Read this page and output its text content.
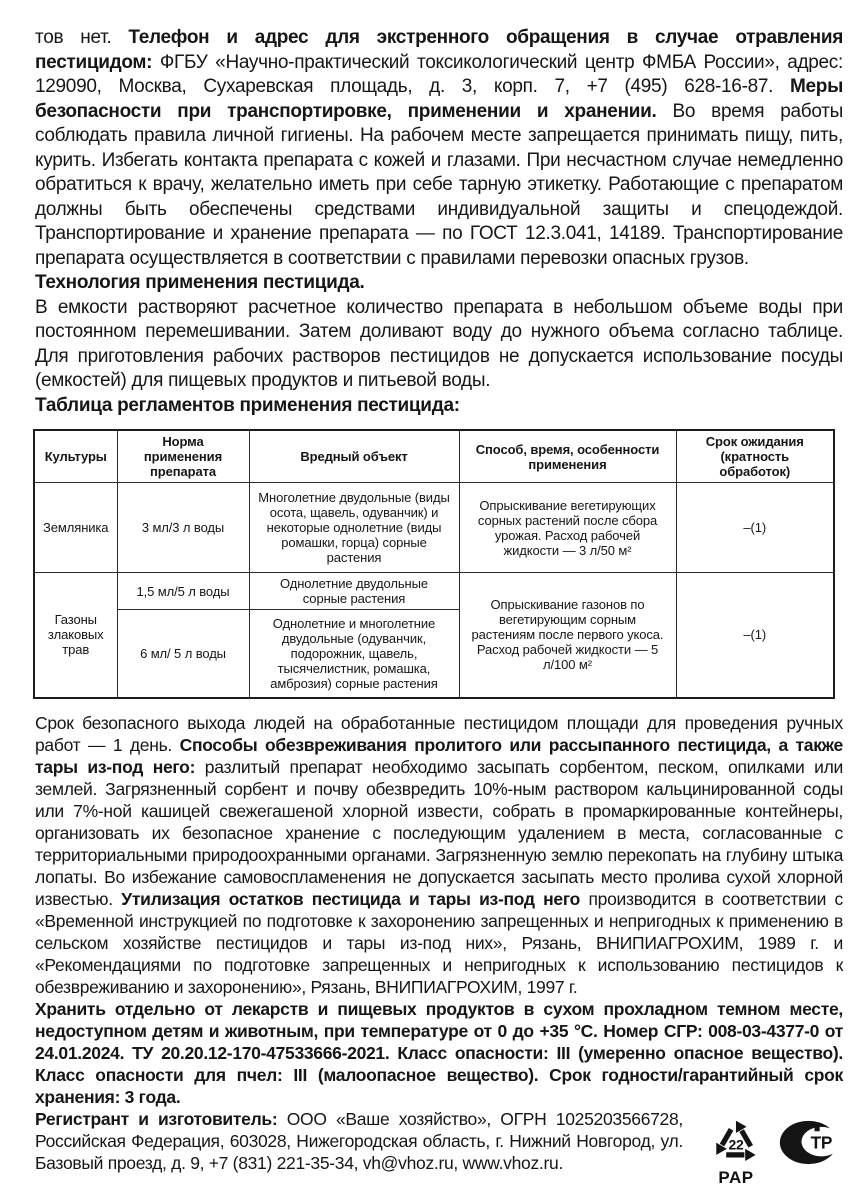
тов нет. Телефон и адрес для экстренного обращения в случае отравления пестицидом: ФГБУ «Научно-практический токсикологический центр ФМБА России», адрес: 129090, Москва, Сухаревская площадь, д. 3, корп. 7, +7 (495) 628-16-87. Меры безопасности при транспортировке, применении и хранении. Во время работы соблюдать правила личной гигиены. На рабочем месте запрещается принимать пищу, пить, курить. Избегать контакта препарата с кожей и глазами. При несчастном случае немедленно обратиться к врачу, желательно иметь при себе тарную этикетку. Работающие с препаратом должны быть обеспечены средствами индивидуальной защиты и спецодеждой. Транспортирование и хранение препарата — по ГОСТ 12.3.041, 14189. Транспортирование препарата осуществляется в соответствии с правилами перевозки опасных грузов.

Технология применения пестицида.

В емкости растворяют расчетное количество препарата в небольшом объеме воды при постоянном перемешивании. Затем доливают воду до нужного объема согласно таблице. Для приготовления рабочих растворов пестицидов не допускается использование посуды (емкостей) для пищевых продуктов и питьевой воды.

Таблица регламентов применения пестицида:

Культуры	Норма применения препарата	Вредный объект	Способ, время, особенности применения	Срок ожидания (кратность обработок)
Земляника	3 мл/3 л воды	Многолетние двудольные (виды осота, щавель, одуванчик) и некоторые однолетние (виды ромашки, горца) сорные растения	Опрыскивание вегетирующих сорных растений после сбора урожая. Расход рабочей жидкости — 3 л/50 м²	–(1)
Газоны злаковых трав	1,5 мл/5 л воды	Однолетние двудольные сорные растения	Опрыскивание газонов по вегетирующим сорным растениям после первого укоса. Расход рабочей жидкости — 5 л/100 м²	–(1)
	6 мл/ 5 л воды	Однолетние и многолетние двудольные (одуванчик, подорожник, щавель, тысячелистник, ромашка, амброзия) сорные растения		

Срок безопасного выхода людей на обработанные пестицидом площади для проведения ручных работ — 1 день. Способы обезвреживания пролитого или рассыпанного пестицида, а также тары из-под него: разлитый препарат необходимо засыпать сорбентом, песком, опилками или землей. Загрязненный сорбент и почву обезвредить 10%-ным раствором кальцинированной соды или 7%-ной кашицей свежегашеной хлорной извести, собрать в промаркированные контейнеры, организовать их безопасное хранение с последующим удалением в места, согласованные с территориальными природоохранными органами. Загрязненную землю перекопать на глубину штыка лопаты. Во избежание самовоспламенения не допускается засыпать место пролива сухой хлорной известью. Утилизация остатков пестицида и тары из-под него производится в соответствии с «Временной инструкцией по подготовке к захоронению запрещенных и непригодных к применению в сельском хозяйстве пестицидов и тары из-под них», Рязань, ВНИПИАГРОХИМ, 1989 г. и «Рекомендациями по подготовке запрещенных и непригодных к использованию пестицидов к обезвреживанию и захоронению», Рязань, ВНИПИАГРОХИМ, 1997 г.

Хранить отдельно от лекарств и пищевых продуктов в сухом прохладном темном месте, недоступном детям и животным, при температуре от 0 до +35 °С. Номер СГР: 008-03-4377-0 от 24.01.2024. ТУ 20.20.12-170-47533666-2021. Класс опасности: III (умеренно опасное вещество). Класс опасности для пчел: III (малоопасное вещество). Срок годности/гарантийный срок хранения: 3 года.

22
PAP
ТР
Регистрант и изготовитель: ООО «Ваше хозяйство», ОГРН 1025203566728, Российская Федерация, 603028, Нижегородская область, г. Нижний Новгород, ул. Базовый проезд, д. 9, +7 (831) 221-35-34, vh@vhoz.ru, www.vhoz.ru.
